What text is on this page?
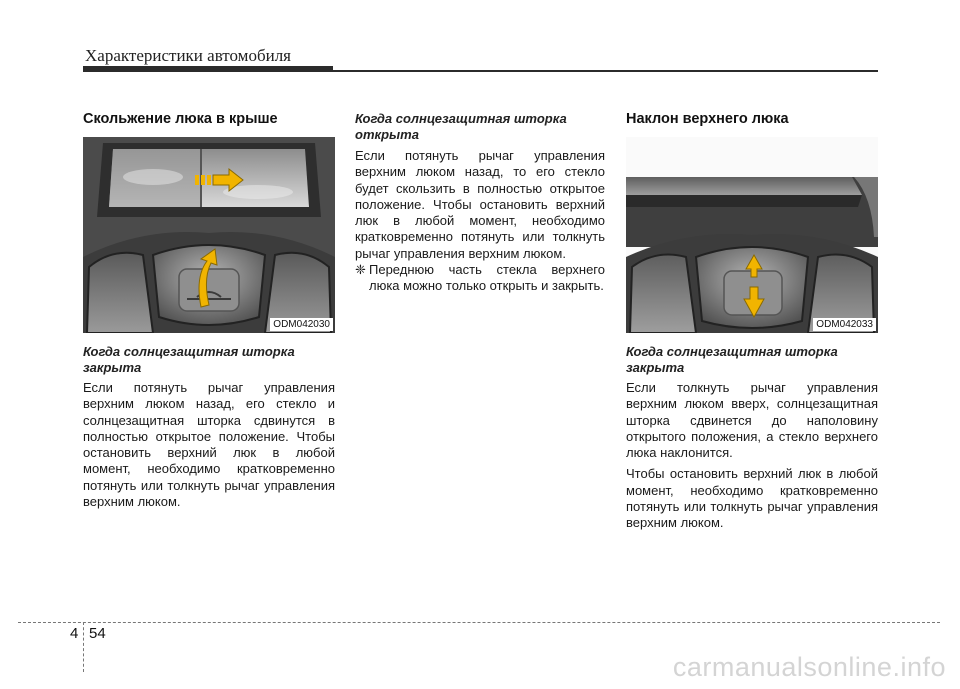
Характеристики автомобиля
Скольжение люка в крыше
ODM042030
Когда солнцезащитная шторка закрыта

Если потянуть рычаг управления верхним люком назад, его стекло и солнцезащитная шторка сдвинутся в полностью открытое положение. Чтобы остановить верхний люк в любой момент, необходимо кратковременно потянуть или толкнуть рычаг управления верхним люком.

Когда солнцезащитная шторка открыта

Если потянуть рычаг управления верхним люком назад, то его стекло будет скользить в полностью открытое положение. Чтобы остановить верхний люк в любой момент, необходимо кратковременно потянуть или толкнуть рычаг управления верхним люком.

❈ Переднюю часть стекла верхнего люка можно только открыть и закрыть.
Наклон верхнего люка
ODM042033
Когда солнцезащитная шторка закрыта

Если толкнуть рычаг управления верхним люком вверх, солнцезащитная шторка сдвинется до наполовину открытого положения, а стекло верхнего люка наклонится.

Чтобы остановить верхний люк в любой момент, необходимо кратковременно потянуть или толкнуть рычаг управления верхним люком.

4 54
carmanualsonline.info
